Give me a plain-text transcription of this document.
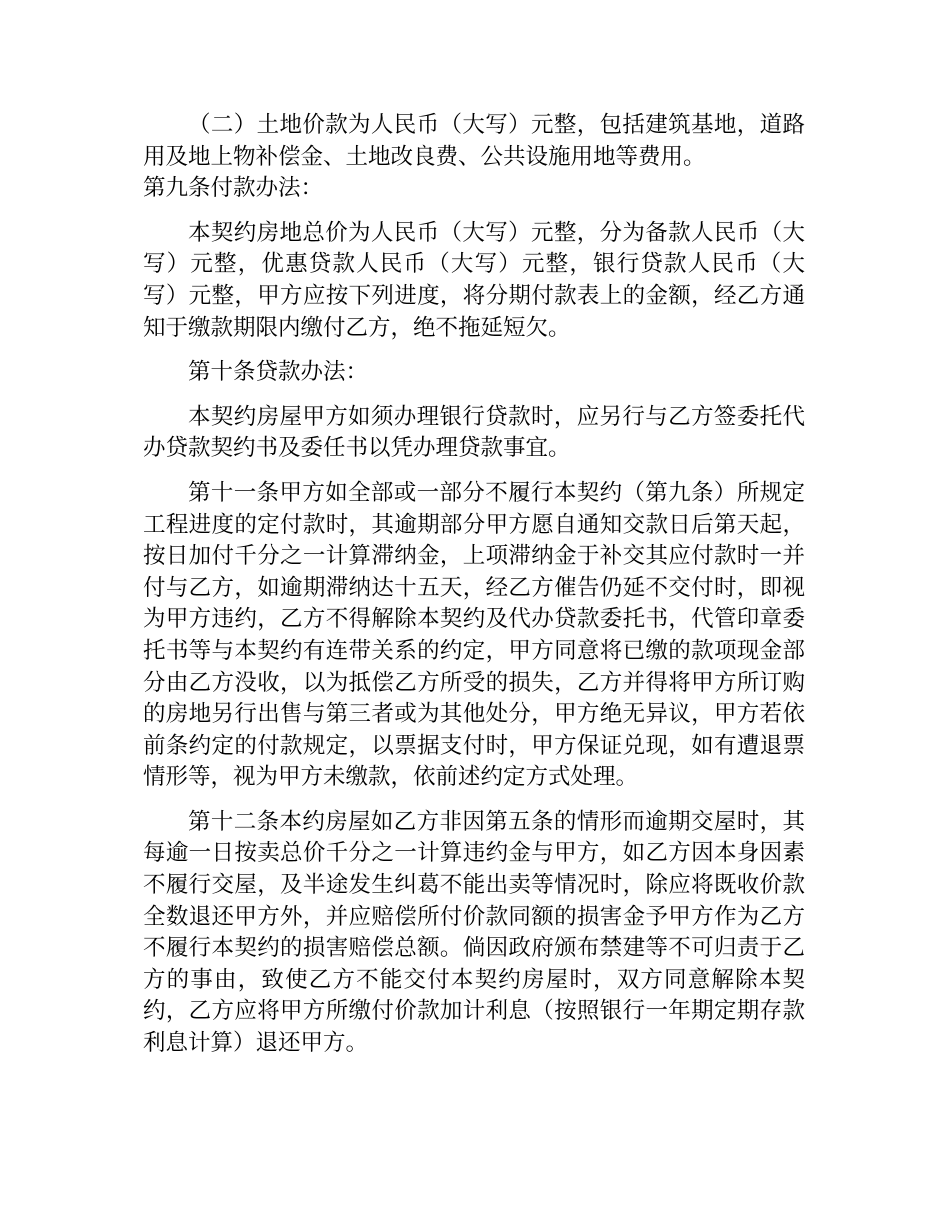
（二）土地价款为人民币（大写）元整，包括建筑基地，道路用及地上物补偿金、土地改良费、公共设施用地等费用。

第九条付款办法：

本契约房地总价为人民币（大写）元整，分为备款人民币（大写）元整，优惠贷款人民币（大写）元整，银行贷款人民币（大写）元整，甲方应按下列进度，将分期付款表上的金额，经乙方通知于缴款期限内缴付乙方，绝不拖延短欠。

第十条贷款办法：

本契约房屋甲方如须办理银行贷款时，应另行与乙方签委托代办贷款契约书及委任书以凭办理贷款事宜。

第十一条甲方如全部或一部分不履行本契约（第九条）所规定工程进度的定付款时，其逾期部分甲方愿自通知交款日后第天起，按日加付千分之一计算滞纳金，上项滞纳金于补交其应付款时一并付与乙方，如逾期滞纳达十五天，经乙方催告仍延不交付时，即视为甲方违约，乙方不得解除本契约及代办贷款委托书，代管印章委托书等与本契约有连带关系的约定，甲方同意将已缴的款项现金部分由乙方没收，以为抵偿乙方所受的损失，乙方并得将甲方所订购的房地另行出售与第三者或为其他处分，甲方绝无异议，甲方若依前条约定的付款规定，以票据支付时，甲方保证兑现，如有遭退票情形等，视为甲方未缴款，依前述约定方式处理。

第十二条本约房屋如乙方非因第五条的情形而逾期交屋时，其每逾一日按卖总价千分之一计算违约金与甲方，如乙方因本身因素不履行交屋，及半途发生纠葛不能出卖等情况时，除应将既收价款全数退还甲方外，并应赔偿所付价款同额的损害金予甲方作为乙方不履行本契约的损害赔偿总额。倘因政府颁布禁建等不可归责于乙方的事由，致使乙方不能交付本契约房屋时，双方同意解除本契约，乙方应将甲方所缴付价款加计利息（按照银行一年期定期存款利息计算）退还甲方。
